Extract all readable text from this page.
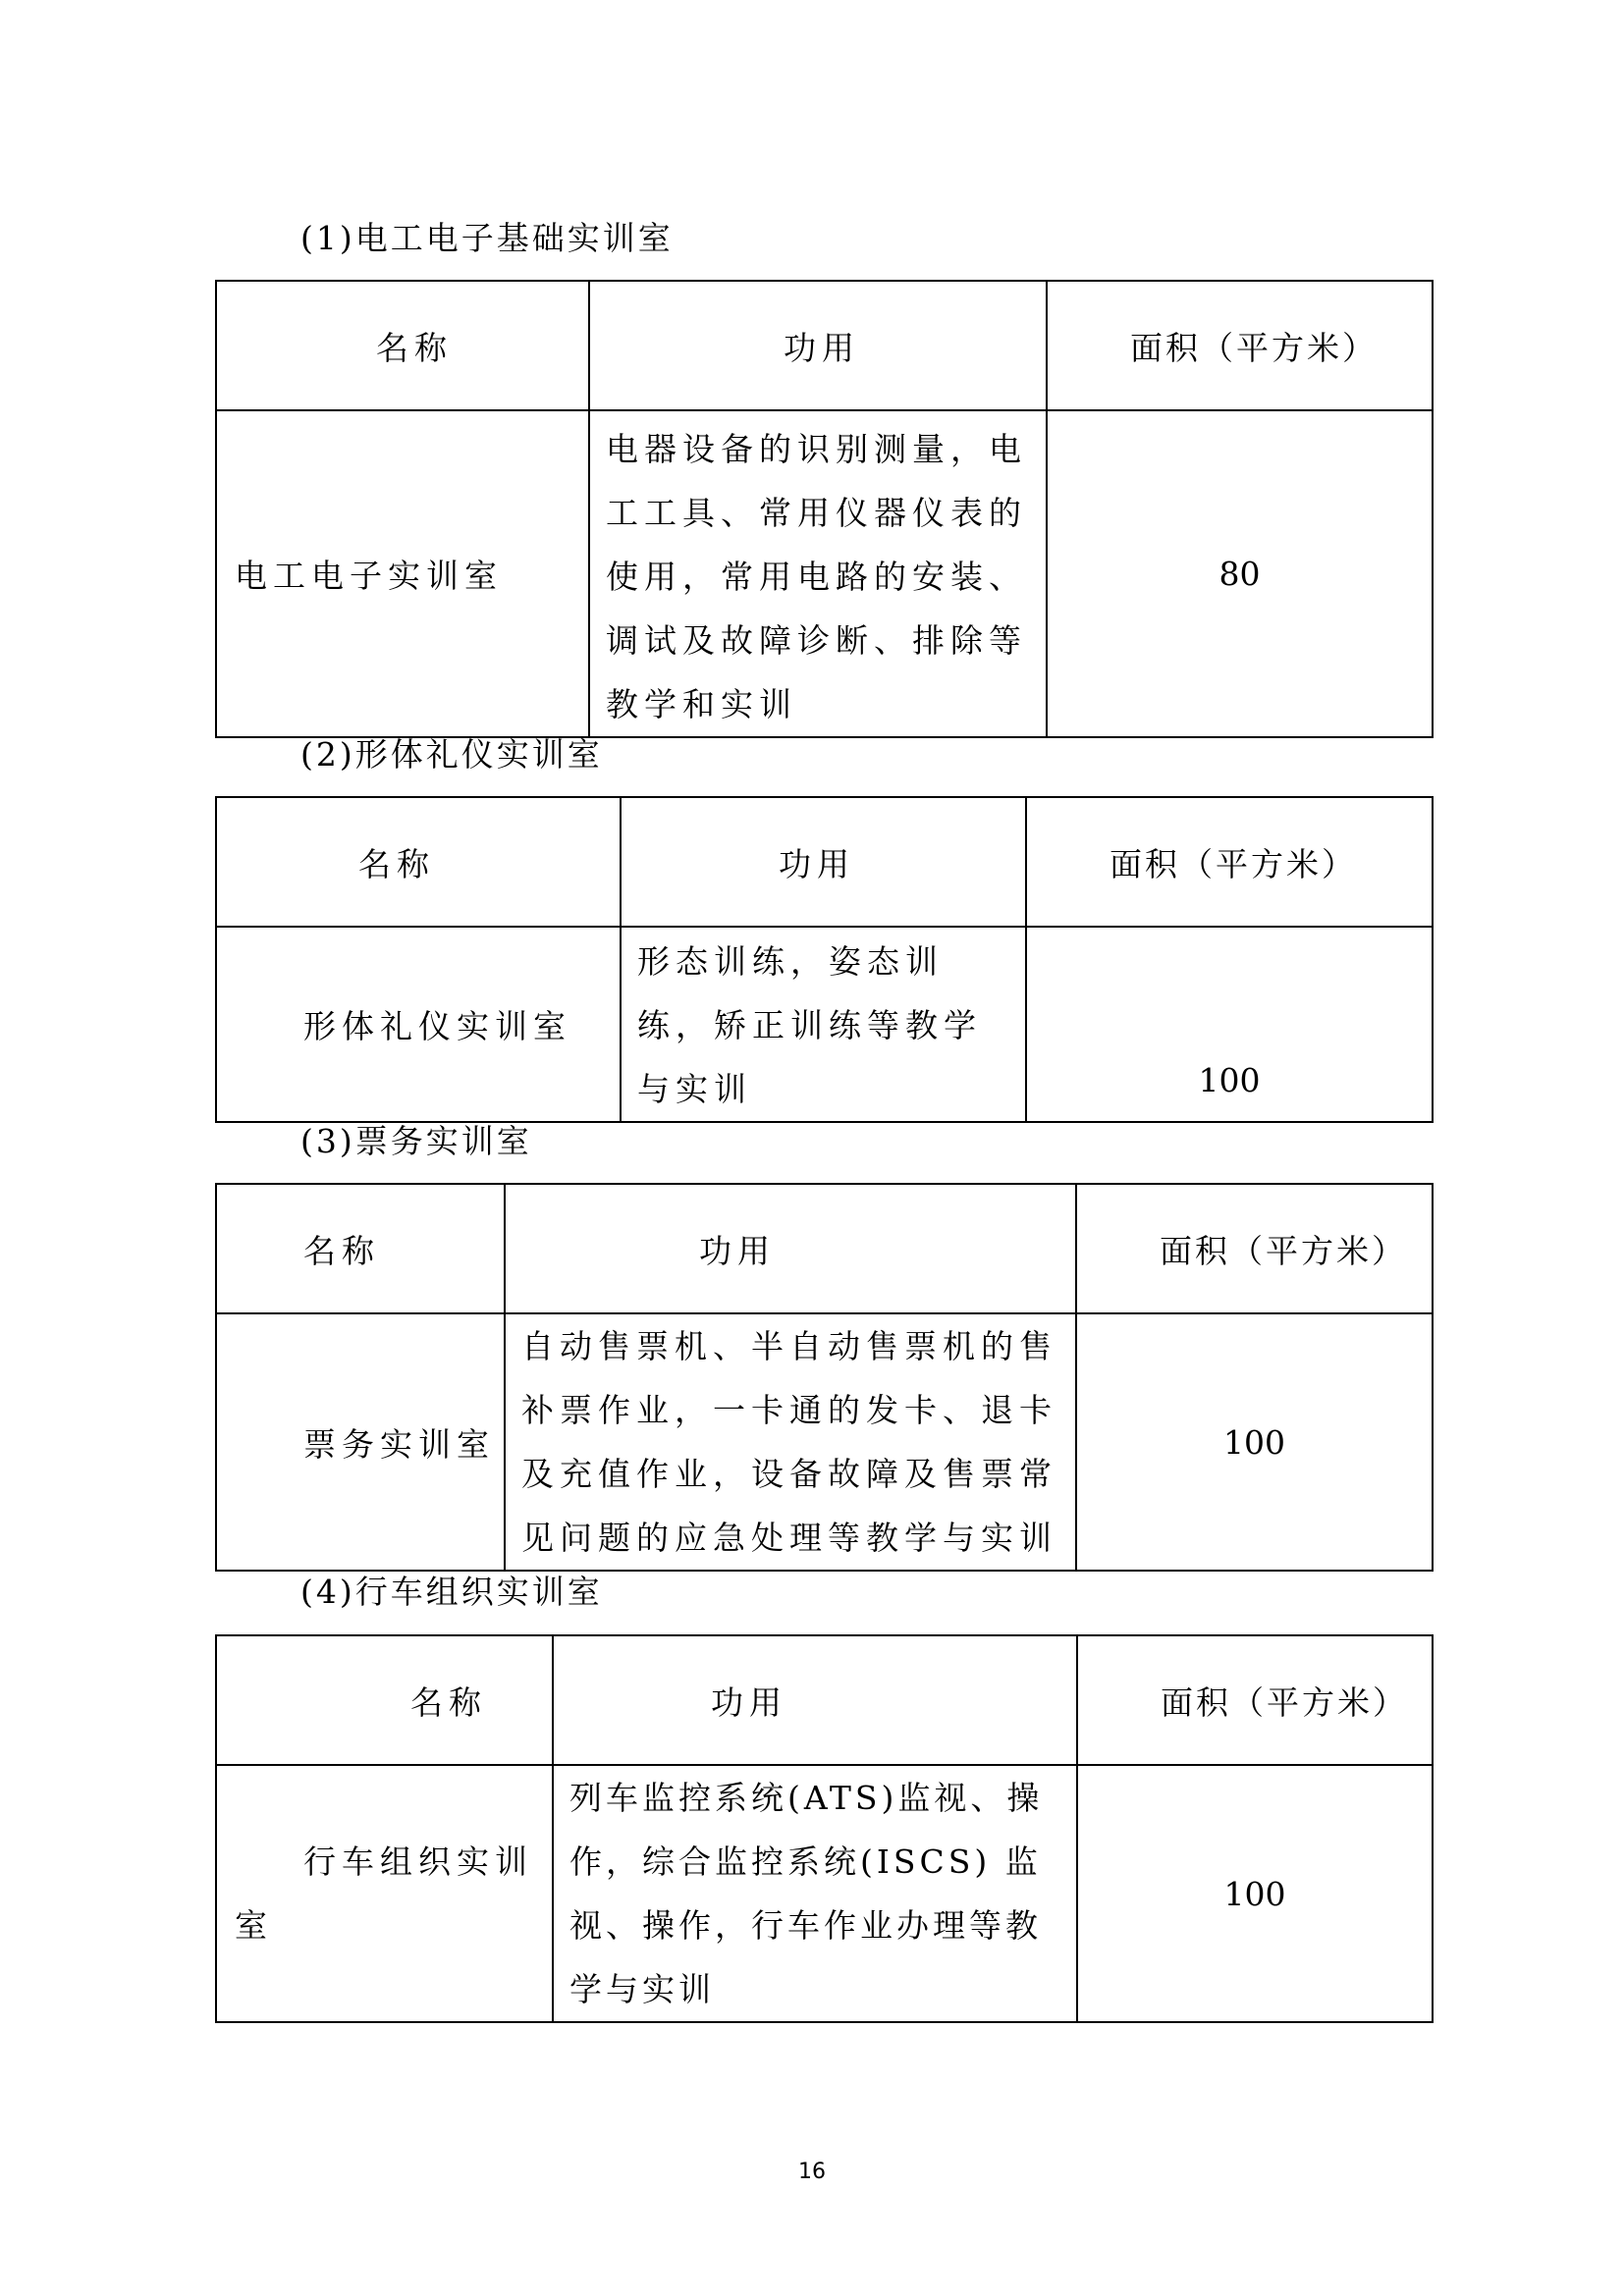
(1)电工电子基础实训室
名称	功用	面积（平方米）

电工电子实训室	电器设备的识别测量，电工工具、常用仪器仪表的使用，常用电路的安装、调试及故障诊断、排除等教学和实训	80
(2)形体礼仪实训室
名称	功用	面积（平方米）

形体礼仪实训室	形态训练，姿态训练，矫正训练等教学与实训	100
(3)票务实训室
名称	功用	面积（平方米）

票务实训室	自动售票机、半自动售票机的售补票作业，一卡通的发卡、退卡及充值作业，设备故障及售票常见问题的应急处理等教学与实训	100
(4)行车组织实训室
名称	功用	面积（平方米）

行车组织实训室	列车监控系统(ATS)监视、操作，综合监控系统(ISCS) 监视、操作，行车作业办理等教学与实训	100
16
